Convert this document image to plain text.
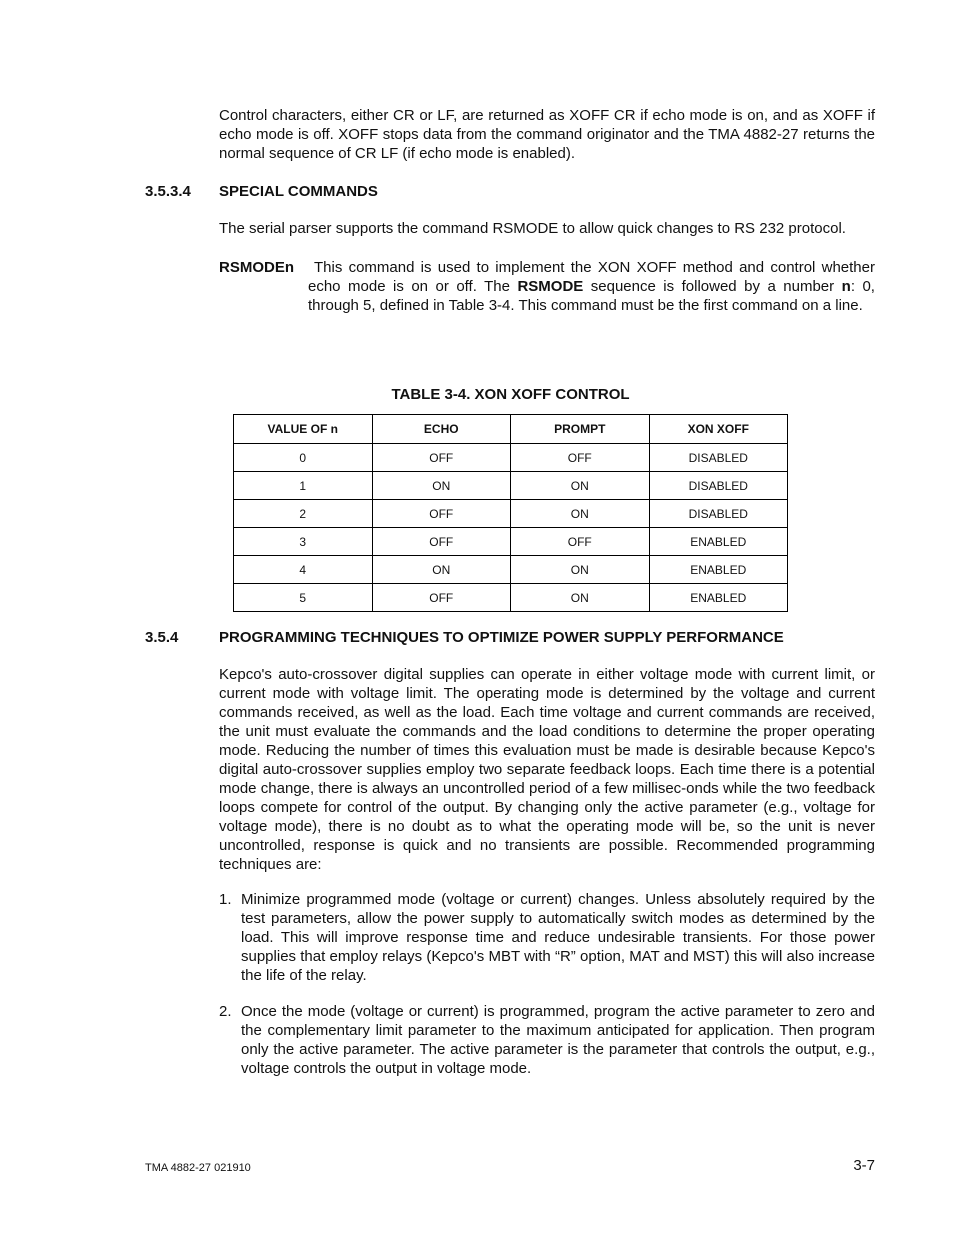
Control characters, either CR or LF, are returned as XOFF CR if echo mode is on, and as XOFF if echo mode is off. XOFF stops data from the command originator and the TMA 4882-27 returns the normal sequence of CR LF (if echo mode is enabled).

3.5.3.4 SPECIAL COMMANDS

The serial parser supports the command RSMODE to allow quick changes to RS 232 protocol.

RSMODEn	This command is used to implement the XON XOFF method and control whether echo mode is on or off. The RSMODE sequence is followed by a number n: 0, through 5, defined in Table 3-4. This command must be the first command on a line.
TABLE 3-4. XON XOFF CONTROL
VALUE OF n	ECHO	PROMPT	XON XOFF
0	OFF	OFF	DISABLED
1	ON	ON	DISABLED
2	OFF	ON	DISABLED
3	OFF	OFF	ENABLED
4	ON	ON	ENABLED
5	OFF	ON	ENABLED
3.5.4	PROGRAMMING TECHNIQUES TO OPTIMIZE POWER SUPPLY PERFORMANCE

Kepco's auto-crossover digital supplies can operate in either voltage mode with current limit, or current mode with voltage limit. The operating mode is determined by the voltage and current commands received, as well as the load. Each time voltage and current commands are received, the unit must evaluate the commands and the load conditions to determine the proper operating mode. Reducing the number of times this evaluation must be made is desirable because Kepco's digital auto-crossover supplies employ two separate feedback loops. Each time there is a potential mode change, there is always an uncontrolled period of a few millisec-onds while the two feedback loops compete for control of the output. By changing only the active parameter (e.g., voltage for voltage mode), there is no doubt as to what the operating mode will be, so the unit is never uncontrolled, response is quick and no transients are possible. Recommended programming techniques are:

1. Minimize programmed mode (voltage or current) changes. Unless absolutely required by the test parameters, allow the power supply to automatically switch modes as determined by the load. This will improve response time and reduce undesirable transients. For those power supplies that employ relays (Kepco's MBT with “R” option, MAT and MST) this will also increase the life of the relay.
2. Once the mode (voltage or current) is programmed, program the active parameter to zero and the complementary limit parameter to the maximum anticipated for application. Then program only the active parameter. The active parameter is the parameter that controls the output, e.g., voltage controls the output in voltage mode.
TMA 4882-27 021910	3-7
